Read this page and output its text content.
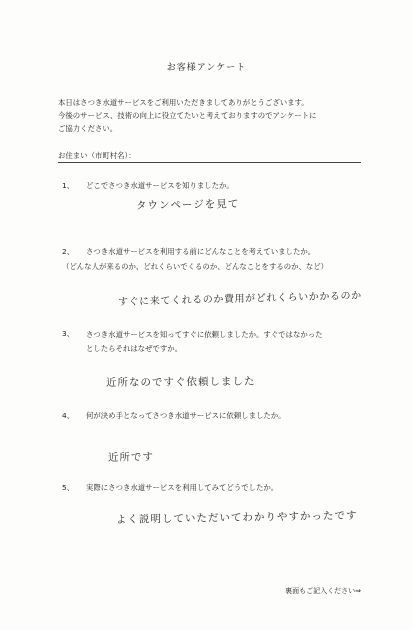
お客様アンケート
本日はさつき水道サービスをご利用いただきましてありがとうございます。
今後のサービス、技術の向上に役立てたいと考えておりますのでアンケートに
ご協力ください。
お住まい（市町村名）：
1、 どこでさつき水道サービスを知りましたか。
タウンページを見て
2、 さつき水道サービスを利用する前にどんなことを考えていましたか。
（どんな人が来るのか、どれくらいでくるのか、どんなことをするのか、など）
すぐに来てくれるのか費用がどれくらいかかるのか
3、 さつき水道サービスを知ってすぐに依頼しましたか。すぐではなかった
としたらそれはなぜですか。
近所なのですぐ依頼しました
4、 何が決め手となってさつき水道サービスに依頼しましたか。
近所です
5、 実際にさつき水道サービスを利用してみてどうでしたか。
よく説明していただいてわかりやすかったです
裏面もご記入ください⇒
